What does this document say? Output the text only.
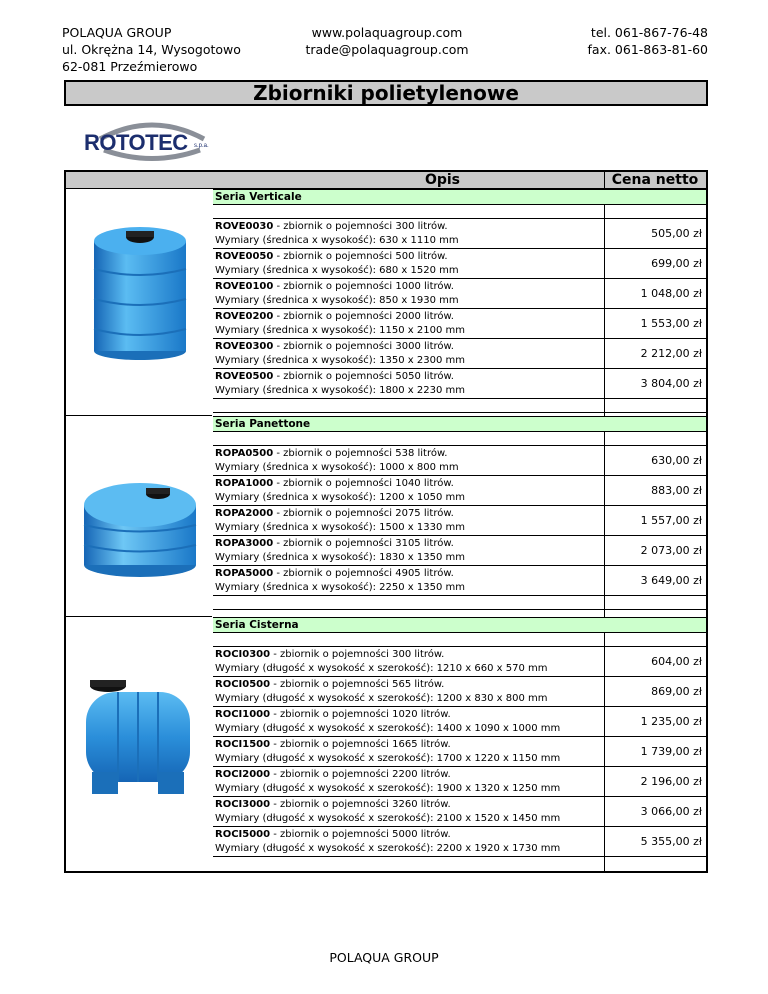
POLAQUA GROUP
ul. Okrężna 14, Wysogotowo
62-081 Przeźmierowo
www.polaquagroup.com
trade@polaquagroup.com
tel. 061-867-76-48
fax. 061-863-81-60
Zbiorniki polietylenowe
ROTOTEC s.p.a.
Opis	Cena netto
Seria Verticale
ROVE0030 - zbiornik o pojemności 300 litrów.
Wymiary (średnica x wysokość): 630 x 1110 mm
505,00 zł
ROVE0050 - zbiornik o pojemności 500 litrów.
Wymiary (średnica x wysokość): 680 x 1520 mm
699,00 zł
ROVE0100 - zbiornik o pojemności 1000 litrów.
Wymiary (średnica x wysokość): 850 x 1930 mm
1 048,00 zł
ROVE0200 - zbiornik o pojemności 2000 litrów.
Wymiary (średnica x wysokość): 1150 x 2100 mm
1 553,00 zł
ROVE0300 - zbiornik o pojemności 3000 litrów.
Wymiary (średnica x wysokość): 1350 x 2300 mm
2 212,00 zł
ROVE0500 - zbiornik o pojemności 5050 litrów.
Wymiary (średnica x wysokość): 1800 x 2230 mm
3 804,00 zł
Seria Panettone
ROPA0500 - zbiornik o pojemności 538 litrów.
Wymiary (średnica x wysokość): 1000 x 800 mm
630,00 zł
ROPA1000 - zbiornik o pojemności 1040 litrów.
Wymiary (średnica x wysokość): 1200 x 1050 mm
883,00 zł
ROPA2000 - zbiornik o pojemności 2075 litrów.
Wymiary (średnica x wysokość): 1500 x 1330 mm
1 557,00 zł
ROPA3000 - zbiornik o pojemności 3105 litrów.
Wymiary (średnica x wysokość): 1830 x 1350 mm
2 073,00 zł
ROPA5000 - zbiornik o pojemności 4905 litrów.
Wymiary (średnica x wysokość): 2250 x 1350 mm
3 649,00 zł
Seria Cisterna
ROCI0300 - zbiornik o pojemności 300 litrów.
Wymiary (długość x wysokość x szerokość): 1210 x 660 x 570 mm
604,00 zł
ROCI0500 - zbiornik o pojemności 565 litrów.
Wymiary (długość x wysokość x szerokość): 1200 x 830 x 800 mm
869,00 zł
ROCI1000 - zbiornik o pojemności 1020 litrów.
Wymiary (długość x wysokość x szerokość): 1400 x 1090 x 1000 mm
1 235,00 zł
ROCI1500 - zbiornik o pojemności 1665 litrów.
Wymiary (długość x wysokość x szerokość): 1700 x 1220 x 1150 mm
1 739,00 zł
ROCI2000 - zbiornik o pojemności 2200 litrów.
Wymiary (długość x wysokość x szerokość): 1900 x 1320 x 1250 mm
2 196,00 zł
ROCI3000 - zbiornik o pojemności 3260 litrów.
Wymiary (długość x wysokość x szerokość): 2100 x 1520 x 1450 mm
3 066,00 zł
ROCI5000 - zbiornik o pojemności 5000 litrów.
Wymiary (długość x wysokość x szerokość): 2200 x 1920 x 1730 mm
5 355,00 zł
POLAQUA GROUP
